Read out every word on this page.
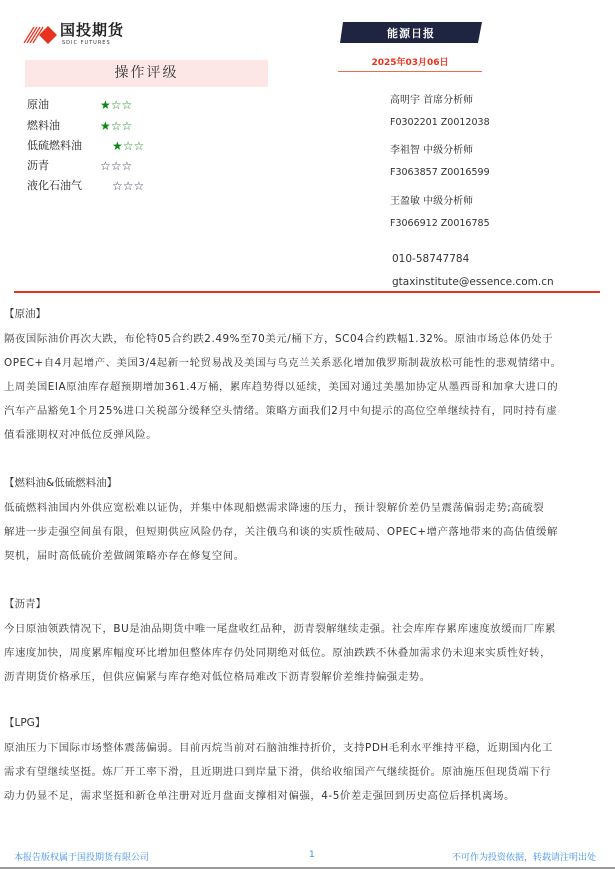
国投期货
SDIC FUTURES
能源日报
2025年03月06日
操作评级
原油	★☆☆
燃料油	★☆☆
低硫燃料油	★☆☆
沥青	☆☆☆
液化石油气	☆☆☆
高明宇 首席分析师
F0302201 Z0012038
李祖智 中级分析师
F3063857 Z0016599
王盈敏 中级分析师
F3066912 Z0016785
010-58747784
gtaxinstitute@essence.com.cn
【原油】
隔夜国际油价再次大跌，布伦特05合约跌2.49%至70美元/桶下方，SC04合约跌幅1.32%。原油市场总体仍处于
OPEC+自4月起增产、美国3/4起新一轮贸易战及美国与乌克兰关系恶化增加俄罗斯制裁放松可能性的悲观情绪中。
上周美国EIA原油库存超预期增加361.4万桶，累库趋势得以延续，美国对通过美墨加协定从墨西哥和加拿大进口的
汽车产品豁免1个月25%进口关税部分缓释空头情绪。策略方面我们2月中旬提示的高位空单继续持有，同时持有虚
值看涨期权对冲低位反弹风险。
【燃料油&低硫燃料油】
低硫燃料油国内外供应宽松难以证伪，并集中体现船燃需求降速的压力，预计裂解价差仍呈震荡偏弱走势;高硫裂
解进一步走强空间虽有限，但短期供应风险仍存，关注俄乌和谈的实质性破局、OPEC+增产落地带来的高估值缓解
契机，届时高低硫价差做阔策略亦存在修复空间。
【沥青】
今日原油领跌情况下，BU是油品期货中唯一尾盘收红品种，沥青裂解继续走强。社会库库存累库速度放缓而厂库累
库速度加快，周度累库幅度环比增加但整体库存仍处同期绝对低位。原油跌跌不休叠加需求仍未迎来实质性好转，
沥青期货价格承压，但供应偏紧与库存绝对低位格局难改下沥青裂解价差维持偏强走势。
【LPG】
原油压力下国际市场整体震荡偏弱。目前丙烷当前对石脑油维持折价，支持PDH毛利水平维持平稳，近期国内化工
需求有望继续坚挺。炼厂开工率下滑，且近期进口到岸量下滑，供给收缩国产气继续挺价。原油施压但现货端下行
动力仍显不足，需求坚挺和新仓单注册对近月盘面支撑相对偏强，4-5价差走强回到历史高位后择机离场。
本报告版权属于国投期货有限公司	1	不可作为投资依据，转载请注明出处
